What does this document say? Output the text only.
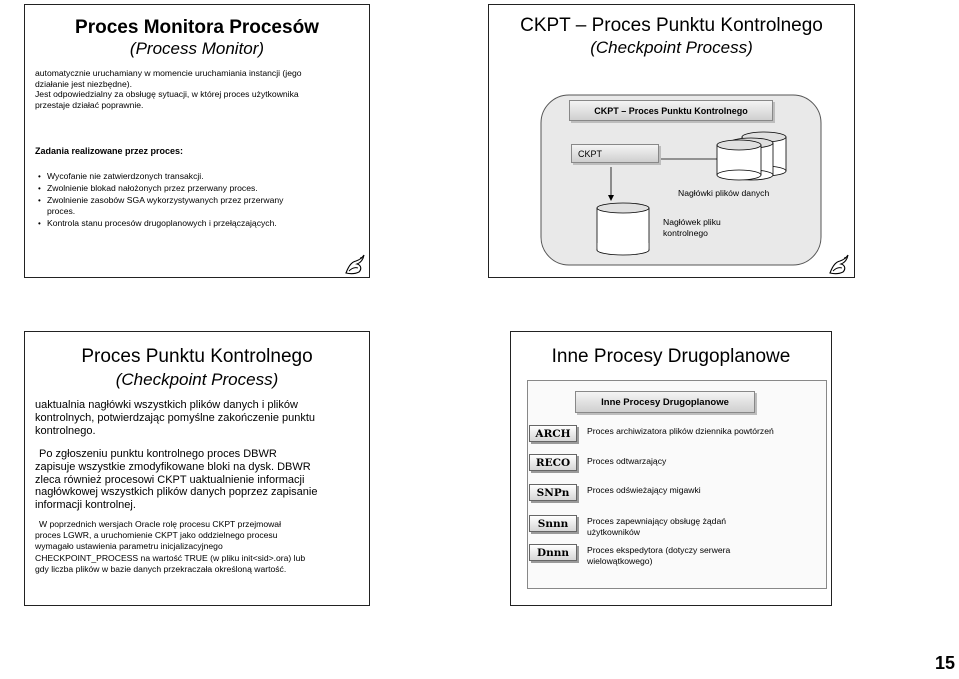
Proces Monitora Procesów
(Process Monitor)
automatycznie uruchamiany w momencie uruchamiania instancji (jego
działanie jest niezbędne).
Jest odpowiedzialny za obsługę sytuacji, w której proces użytkownika
przestaje działać poprawnie.
Zadania realizowane przez proces:
• Wycofanie nie zatwierdzonych transakcji.
• Zwolnienie blokad nałożonych przez przerwany proces.
• Zwolnienie zasobów SGA wykorzystywanych przez przerwany
proces.
• Kontrola stanu procesów drugoplanowych i przełączających.
CKPT – Proces Punktu Kontrolnego
(Checkpoint Process)
CKPT – Proces Punktu Kontrolnego
CKPT
Nagłówki plików danych
Nagłówek pliku
kontrolnego
Proces Punktu Kontrolnego
(Checkpoint Process)
uaktualnia nagłówki wszystkich plików danych i plików
kontrolnych, potwierdzając pomyślne zakończenie punktu
kontrolnego.
Po zgłoszeniu punktu kontrolnego proces DBWR
zapisuje wszystkie zmodyfikowane bloki na dysk. DBWR
zleca również procesowi CKPT uaktualnienie informacji
nagłówkowej wszystkich plików danych poprzez zapisanie
informacji kontrolnej.
W poprzednich wersjach Oracle rolę procesu CKPT przejmował
proces LGWR, a uruchomienie CKPT jako oddzielnego procesu
wymagało ustawienia parametru inicjalizacyjnego
CHECKPOINT_PROCESS na wartość TRUE (w pliku init<sid>.ora) lub
gdy liczba plików w bazie danych przekraczała określoną wartość.
Inne Procesy Drugoplanowe
Inne Procesy Drugoplanowe
ARCH Proces archiwizatora plików dziennika powtórzeń
RECO Proces odtwarzający
SNPn Proces odświeżający migawki
Snnn Proces zapewniający obsługę żądań
użytkowników
Dnnn Proces ekspedytora (dotyczy serwera
wielowątkowego)
15
